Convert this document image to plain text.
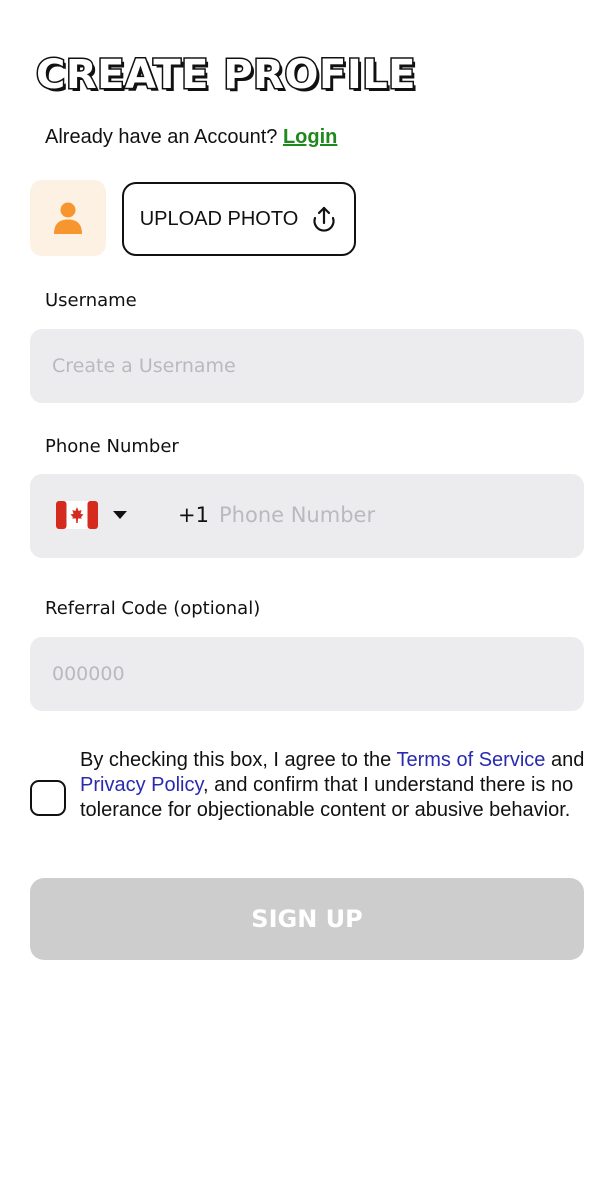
CREATE PROFILE
Already have an Account? Login
UPLOAD PHOTO
Username
Create a Username
Phone Number
+1 Phone Number
Referral Code (optional)
000000
By checking this box, I agree to the Terms of Service and Privacy Policy, and confirm that I understand there is no tolerance for objectionable content or abusive behavior.
SIGN UP
